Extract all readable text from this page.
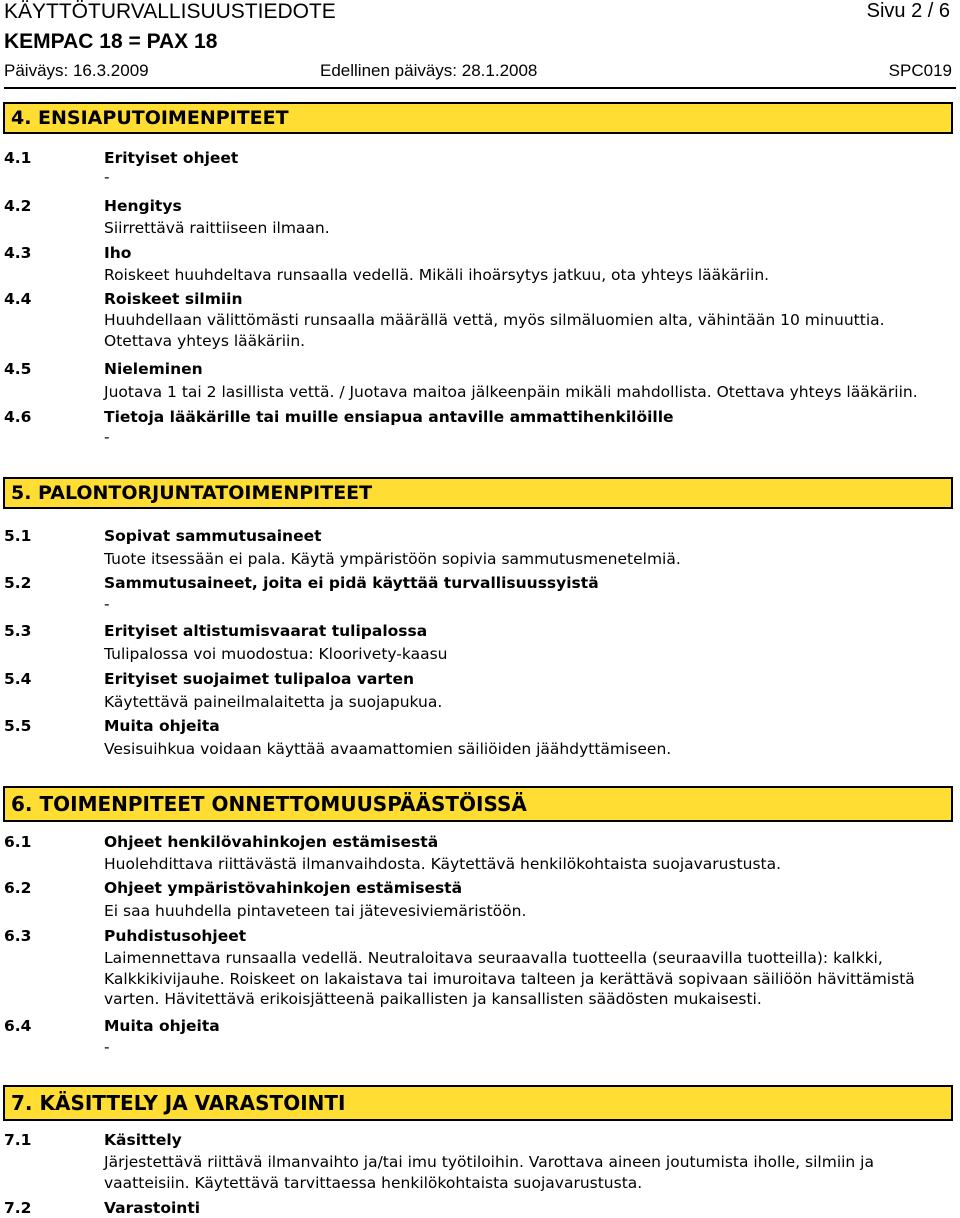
KÄYTTÖTURVALLISUUSTIEDOTE	Sivu 2 / 6
KEMPAC 18 = PAX 18
Päiväys: 16.3.2009	Edellinen päiväys: 28.1.2008	SPC019
4. ENSIAPUTOIMENPITEET
4.1	Erityiset ohjeet
-
4.2	Hengitys
Siirrettävä raittiiseen ilmaan.
4.3	Iho
Roiskeet huuhdeltava runsaalla vedellä. Mikäli ihoärsytys jatkuu, ota yhteys lääkäriin.
4.4	Roiskeet silmiin
Huuhdellaan välittömästi runsaalla määrällä vettä, myös silmäluomien alta, vähintään 10 minuuttia. Otettava yhteys lääkäriin.
4.5	Nieleminen
Juotava 1 tai 2 lasillista vettä. / Juotava maitoa jälkeenpäin mikäli mahdollista. Otettava yhteys lääkäriin.
4.6	Tietoja lääkärille tai muille ensiapua antaville ammattihenkilöille
-
5. PALONTORJUNTATOIMENPITEET
5.1	Sopivat sammutusaineet
Tuote itsessään ei pala. Käytä ympäristöön sopivia sammutusmenetelmiä.
5.2	Sammutusaineet, joita ei pidä käyttää turvallisuussyistä
-
5.3	Erityiset altistumisvaarat tulipalossa
Tulipalossa voi muodostua: Kloorivety-kaasu
5.4	Erityiset suojaimet tulipaloa varten
Käytettävä paineilmalaitetta ja suojapukua.
5.5	Muita ohjeita
Vesisuihkua voidaan käyttää avaamattomien säiliöiden jäähdyttämiseen.
6. TOIMENPITEET ONNETTOMUUSPÄÄSTÖISSÄ
6.1	Ohjeet henkilövahinkojen estämisestä
Huolehdittava riittävästä ilmanvaihdosta. Käytettävä henkilökohtaista suojavarustusta.
6.2	Ohjeet ympäristövahinkojen estämisestä
Ei saa huuhdella pintaveteen tai jätevesiviemäristöön.
6.3	Puhdistusohjeet
Laimennettava runsaalla vedellä. Neutraloitava seuraavalla tuotteella (seuraavilla tuotteilla): kalkki, Kalkkikivijauhe. Roiskeet on lakaistava tai imuroitava talteen ja kerättävä sopivaan säiliöön hävittämistä varten. Hävitettävä erikoisjätteenä paikallisten ja kansallisten säädösten mukaisesti.
6.4	Muita ohjeita
-
7. KÄSITTELY JA VARASTOINTI
7.1	Käsittely
Järjestettävä riittävä ilmanvaihto ja/tai imu työtiloihin. Varottava aineen joutumista iholle, silmiin ja vaatteisiin. Käytettävä tarvittaessa henkilökohtaista suojavarustusta.
7.2	Varastointi
